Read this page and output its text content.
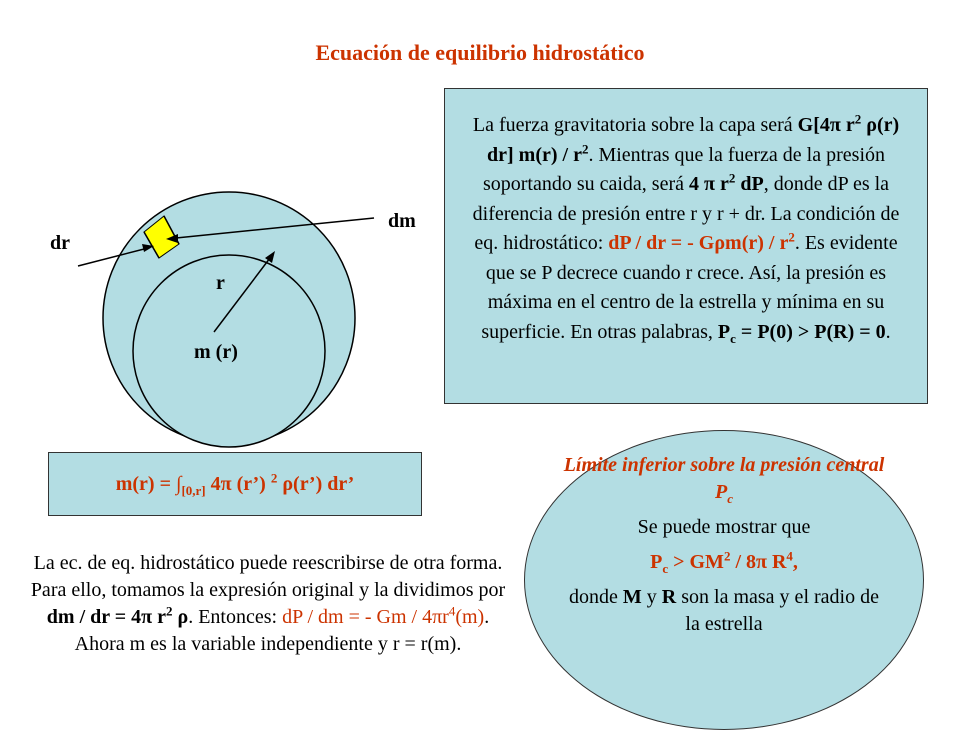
Ecuación de equilibrio hidrostático
dr
dm
r
m (r)
La fuerza gravitatoria sobre la capa será G[4π $r^2$ ρ(r) dr] $m(r) / r^2$. Mientras que la fuerza de la presión soportando su caida, será 4 π $r^2$ dP, donde dP es la diferencia de presión entre r y r + dr. La condición de eq. hidrostático: dP / dr = - $G\rho m(r) / r^2$. Es evidente que se P decrece cuando r crece. Así, la presión es máxima en el centro de la estrella y mínima en su superficie. En otras palabras, $P_c = P(0) > P(R) = 0$.
$m(r) = \int_{[0,r]}$ 4π (r’) $^2$ ρ(r’) dr’
La ec. de eq. hidrostático puede reescribirse de otra forma. Para ello, tomamos la expresión original y la dividimos por dm / dr = 4π $r^2$ ρ. Entonces: dP / dm = - Gm / $4\pi r^4(m)$. Ahora m es la variable independiente y r = r(m).

Límite inferior sobre la presión central $P_c$

Se puede mostrar que

$P_c > GM^2 / 8\pi$ $R^4$,

donde M y R son la masa y el radio de la estrella
